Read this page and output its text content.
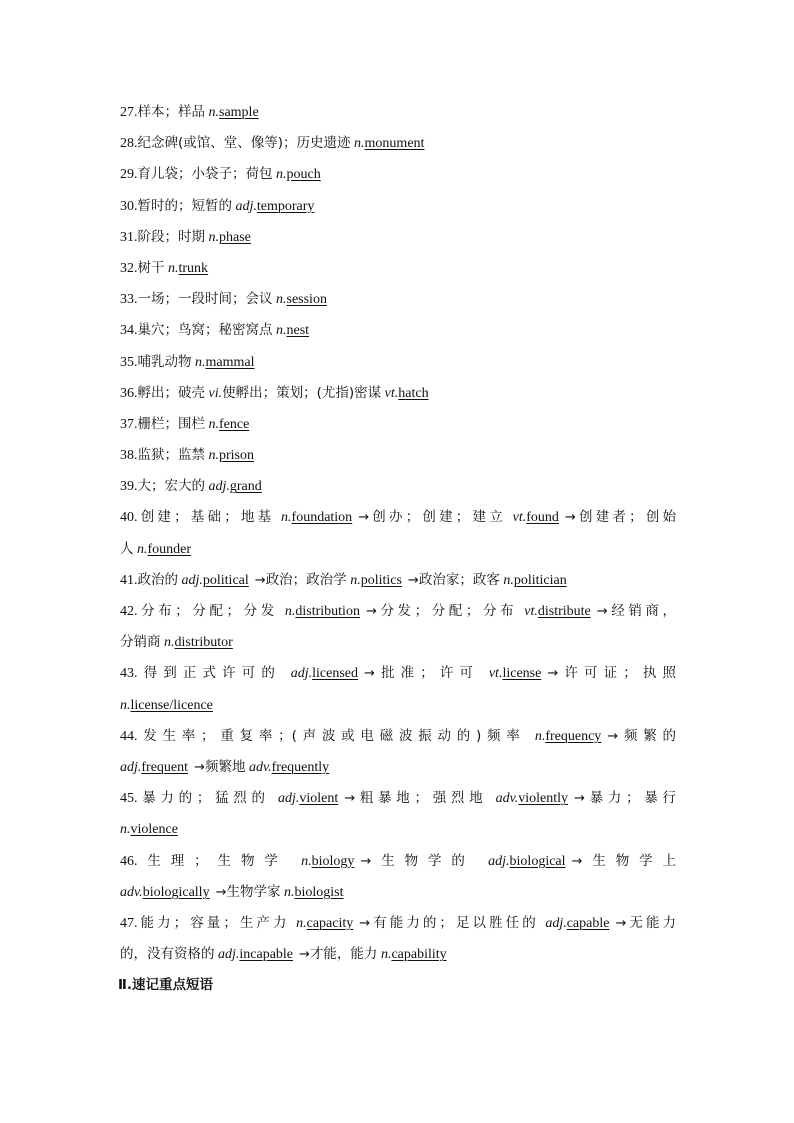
27.样本；样品 n.sample
28.纪念碑(或馆、堂、像等)；历史遗迹 n.monument
29.育儿袋；小袋子；荷包 n.pouch
30.暂时的；短暂的 adj.temporary
31.阶段；时期 n.phase
32.树干 n.trunk
33.一场；一段时间；会议 n.session
34.巢穴；鸟窝；秘密窝点 n.nest
35.哺乳动物 n.mammal
36.孵出；破壳 vi.使孵出；策划；(尤指)密谋 vt.hatch
37.栅栏；围栏 n.fence
38.监狱；监禁 n.prison
39.大；宏大的 adj.grand
40.创建；基础；地基 n.foundation →创办；创建；建立 vt.found →创建者；创始
人 n.founder
41.政治的 adj.political →政治；政治学 n.politics →政治家；政客 n.politician
42.分布；分配；分发 n.distribution →分发；分配；分布 vt.distribute →经销商，
分销商 n.distributor
43.得到正式许可的 adj.licensed →批准；许可 vt.license →许可证；执照
n.license/licence
44.发生率；重复率；(声波或电磁波振动的)频率 n.frequency →频繁的
adj.frequent →频繁地 adv.frequently
45.暴力的；猛烈的 adj.violent →粗暴地；强烈地 adv.violently →暴力；暴行
n.violence
46.生理；生物学 n.biology →生物学的 adj.biological →生物学上
adv.biologically →生物学家 n.biologist
47.能力；容量；生产力 n.capacity →有能力的；足以胜任的 adj.capable →无能力
的，没有资格的 adj.incapable →才能，能力 n.capability
Ⅱ.速记重点短语
